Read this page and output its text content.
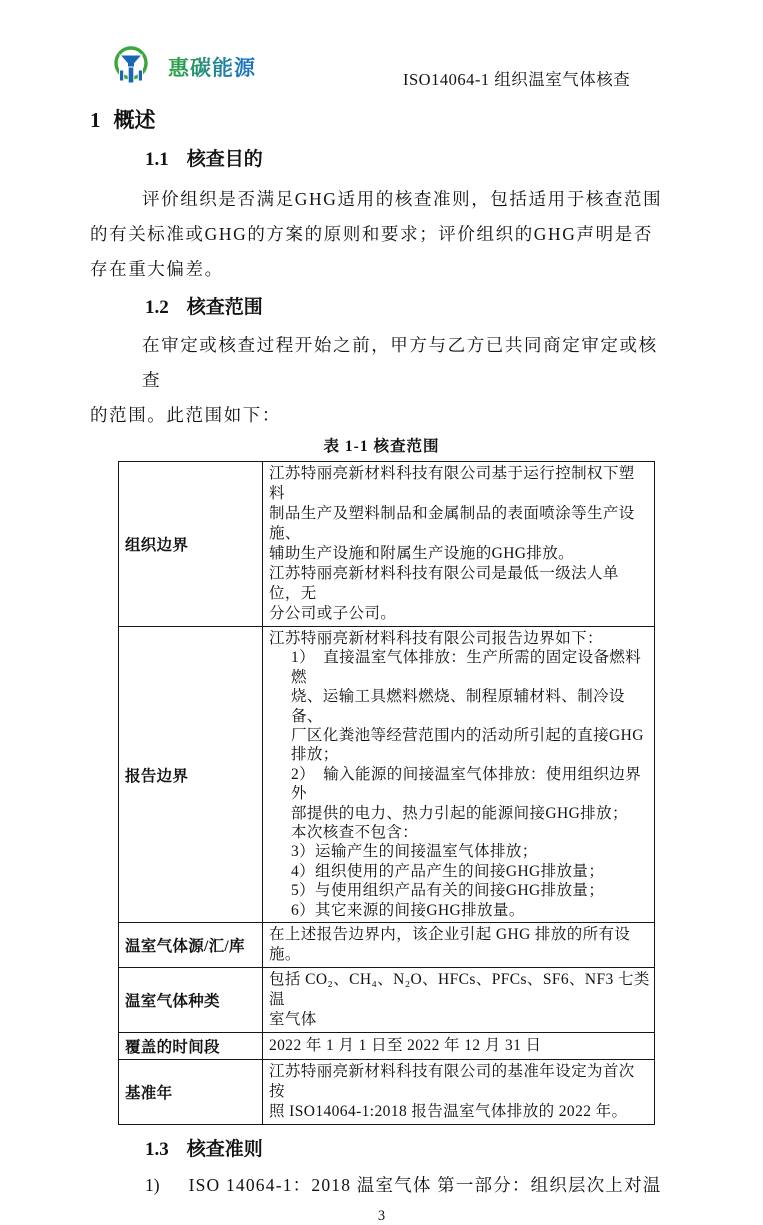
惠碳能源	ISO14064-1 组织温室气体核查
1 概述
1.1 核查目的
评价组织是否满足GHG适用的核查准则，包括适用于核查范围
的有关标准或GHG的方案的原则和要求；评价组织的GHG声明是否
存在重大偏差。
1.2 核查范围
在审定或核查过程开始之前，甲方与乙方已共同商定审定或核查
的范围。此范围如下：
表 1-1 核查范围
组织边界	江苏特丽亮新材料科技有限公司基于运行控制权下塑料
制品生产及塑料制品和金属制品的表面喷涂等生产设施、
辅助生产设施和附属生产设施的GHG排放。
江苏特丽亮新材料科技有限公司是最低一级法人单位，无
分公司或子公司。

报告边界	
江苏特丽亮新材料科技有限公司报告边界如下：
1）　直接温室气体排放：生产所需的固定设备燃料燃
烧、运输工具燃料燃烧、制程原辅材料、制冷设备、
厂区化粪池等经营范围内的活动所引起的直接GHG
排放；
2）　输入能源的间接温室气体排放：使用组织边界外
部提供的电力、热力引起的能源间接GHG排放；
本次核查不包含：
3）运输产生的间接温室气体排放；
4）组织使用的产品产生的间接GHG排放量；
5）与使用组织产品有关的间接GHG排放量；
6）其它来源的间接GHG排放量。

温室气体源/汇/库	在上述报告边界内，该企业引起 GHG 排放的所有设施。

温室气体种类	包括 CO₂、CH₄、N₂O、HFCs、PFCs、SF6、NF3 七类温
室气体

覆盖的时间段	2022 年 1 月 1 日至 2022 年 12 月 31 日

基准年	江苏特丽亮新材料科技有限公司的基准年设定为首次按
照 ISO14064-1:2018 报告温室气体排放的 2022 年。
1.3 核查准则
1) ISO 14064-1：2018 温室气体 第一部分：组织层次上对温
3
